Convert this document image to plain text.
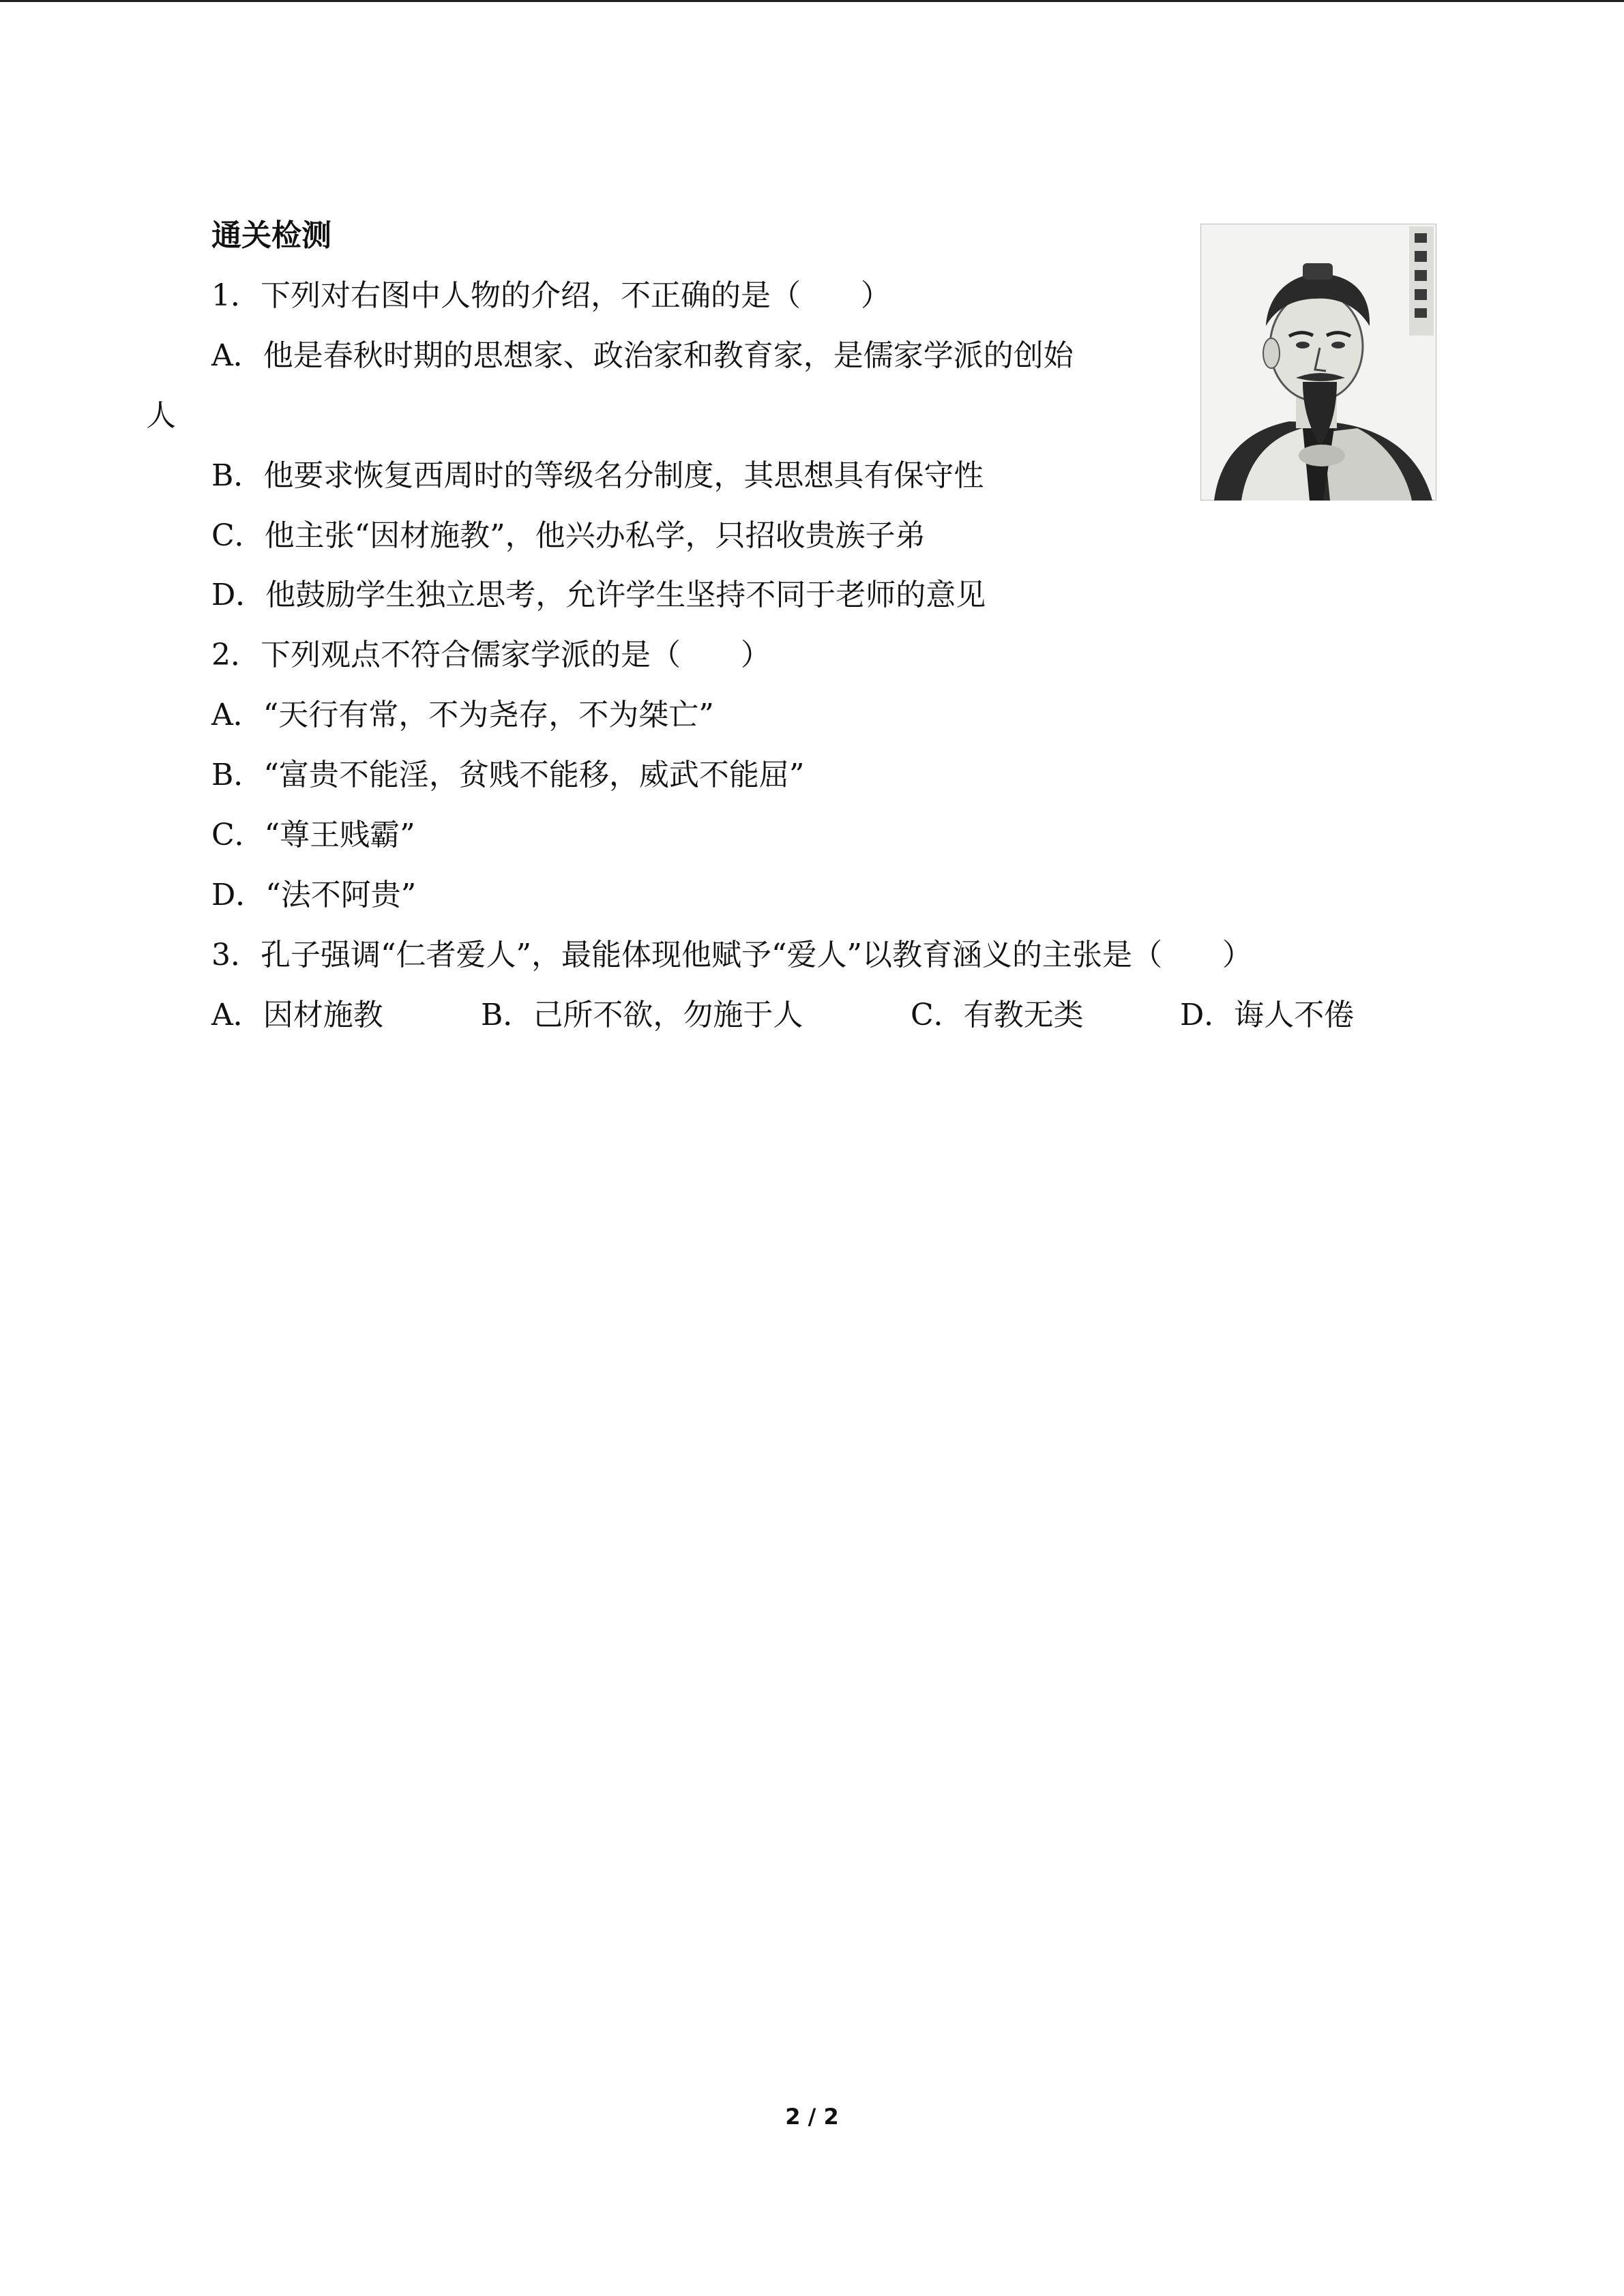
通关检测
1．下列对右图中人物的介绍，不正确的是（　　）
A．他是春秋时期的思想家、政治家和教育家，是儒家学派的创始
人
B．他要求恢复西周时的等级名分制度，其思想具有保守性
C．他主张“因材施教”，他兴办私学，只招收贵族子弟
D．他鼓励学生独立思考，允许学生坚持不同于老师的意见
2．下列观点不符合儒家学派的是（　　）
A．“天行有常，不为尧存，不为桀亡”
B．“富贵不能淫，贫贱不能移，威武不能屈”
C．“尊王贱霸”
D．“法不阿贵”
3．孔子强调“仁者爱人”，最能体现他赋予“爱人”以教育涵义的主张是（　　）
A．因材施教	B．己所不欲，勿施于人	C．有教无类	D．诲人不倦
2 / 2
